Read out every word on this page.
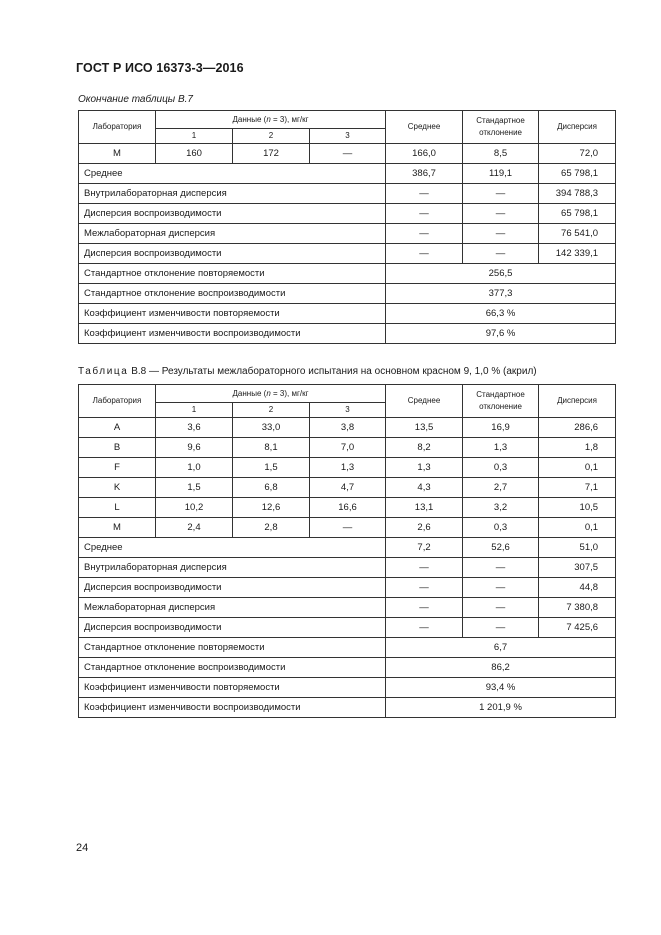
ГОСТ Р ИСО 16373-3—2016
Окончание таблицы В.7
Лаборатория	Данные (n = 3), мг/кг			Среднее	Стандартное отклонение	Дисперсия
	1	2	3			
M	160	172	—	166,0	8,5	72,0
Среднее				386,7	119,1	65 798,1
Внутрилабораторная дисперсия				—	—	394 788,3
Дисперсия воспроизводимости				—	—	65 798,1
Межлабораторная дисперсия				—	—	76 541,0
Дисперсия воспроизводимости				—	—	142 339,1
Стандартное отклонение повторяемости				256,5		
Стандартное отклонение воспроизводимости				377,3		
Коэффициент изменчивости повторяемости				66,3 %		
Коэффициент изменчивости воспроизводимости				97,6 %		
Таблица В.8 — Результаты межлабораторного испытания на основном красном 9, 1,0 % (акрил)
Лаборатория	Данные (n = 3), мг/кг			Среднее	Стандартное отклонение	Дисперсия
	1	2	3			
A	3,6	33,0	3,8	13,5	16,9	286,6
B	9,6	8,1	7,0	8,2	1,3	1,8
F	1,0	1,5	1,3	1,3	0,3	0,1
K	1,5	6,8	4,7	4,3	2,7	7,1
L	10,2	12,6	16,6	13,1	3,2	10,5
M	2,4	2,8	—	2,6	0,3	0,1
Среднее				7,2	52,6	51,0
Внутрилабораторная дисперсия				—	—	307,5
Дисперсия воспроизводимости				—	—	44,8
Межлабораторная дисперсия				—	—	7 380,8
Дисперсия воспроизводимости				—	—	7 425,6
Стандартное отклонение повторяемости				6,7		
Стандартное отклонение воспроизводимости				86,2		
Коэффициент изменчивости повторяемости				93,4 %		
Коэффициент изменчивости воспроизводимости				1 201,9 %		
24
